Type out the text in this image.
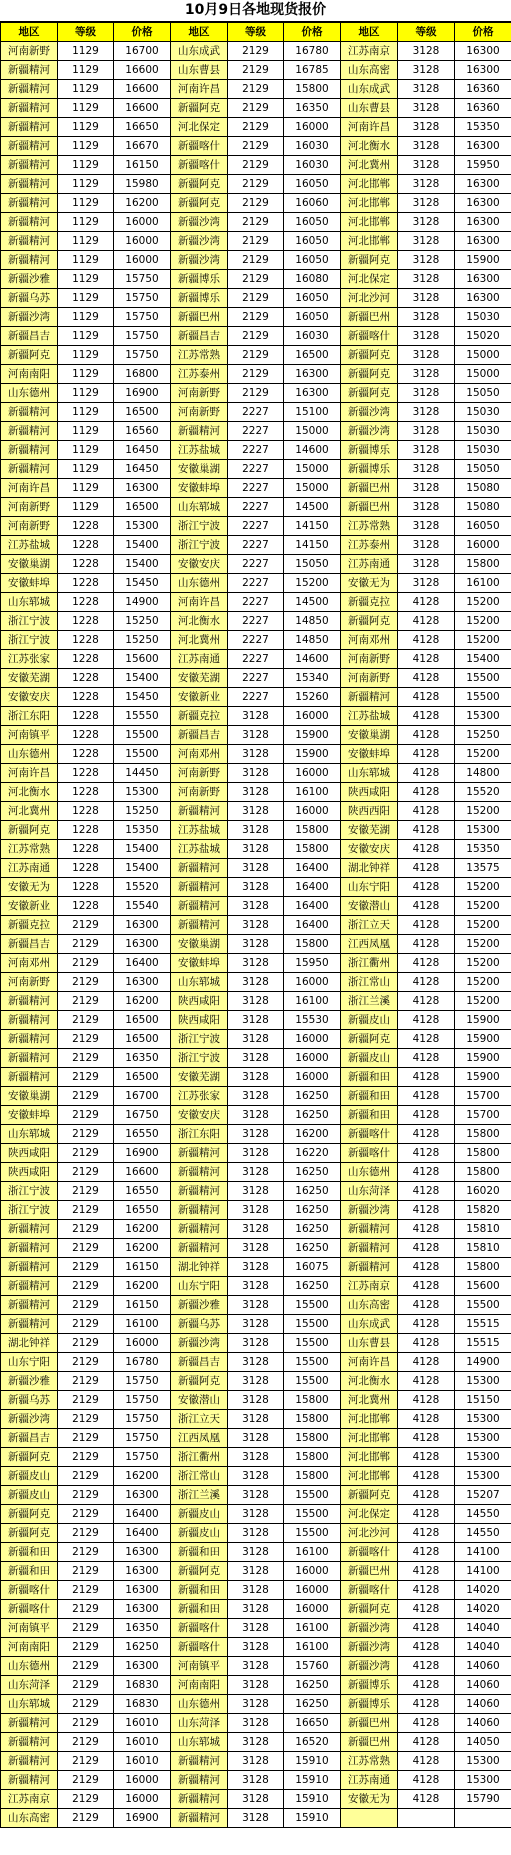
10月9日各地现货报价
地区	等级	价格	地区	等级	价格	地区	等级	价格
河南新野	1129	16700	山东成武	2129	16780	江苏南京	3128	16300
新疆精河	1129	16600	山东曹县	2129	16785	山东高密	3128	16300
新疆精河	1129	16600	河南许昌	2129	15800	山东成武	3128	16360
新疆精河	1129	16600	新疆阿克	2129	16350	山东曹县	3128	16360
新疆精河	1129	16650	河北保定	2129	16000	河南许昌	3128	15350
新疆精河	1129	16670	新疆喀什	2129	16030	河北衡水	3128	16300
新疆精河	1129	16150	新疆喀什	2129	16030	河北冀州	3128	15950
新疆精河	1129	15980	新疆阿克	2129	16050	河北邯郸	3128	16300
新疆精河	1129	16200	新疆阿克	2129	16060	河北邯郸	3128	16300
新疆精河	1129	16000	新疆沙湾	2129	16050	河北邯郸	3128	16300
新疆精河	1129	16000	新疆沙湾	2129	16050	河北邯郸	3128	16300
新疆精河	1129	16000	新疆沙湾	2129	16050	新疆阿克	3128	15900
新疆沙雅	1129	15750	新疆博乐	2129	16080	河北保定	3128	16300
新疆乌苏	1129	15750	新疆博乐	2129	16050	河北沙河	3128	16300
新疆沙湾	1129	15750	新疆巴州	2129	16050	新疆巴州	3128	15030
新疆昌吉	1129	15750	新疆昌吉	2129	16030	新疆喀什	3128	15020
新疆阿克	1129	15750	江苏常熟	2129	16500	新疆阿克	3128	15000
河南南阳	1129	16800	江苏泰州	2129	16300	新疆阿克	3128	15000
山东德州	1129	16900	河南新野	2129	16300	新疆阿克	3128	15050
新疆精河	1129	16500	河南新野	2227	15100	新疆沙湾	3128	15030
新疆精河	1129	16560	新疆精河	2227	15000	新疆沙湾	3128	15030
新疆精河	1129	16450	江苏盐城	2227	14600	新疆博乐	3128	15030
新疆精河	1129	16450	安徽巢湖	2227	15000	新疆博乐	3128	15050
河南许昌	1129	16300	安徽蚌埠	2227	15000	新疆巴州	3128	15080
河南新野	1129	16500	山东郓城	2227	14500	新疆巴州	3128	15080
河南新野	1228	15300	浙江宁波	2227	14150	江苏常熟	3128	16050
江苏盐城	1228	15400	浙江宁波	2227	14150	江苏泰州	3128	16000
安徽巢湖	1228	15400	安徽安庆	2227	15050	江苏南通	3128	15800
安徽蚌埠	1228	15450	山东德州	2227	15200	安徽无为	3128	16100
山东郓城	1228	14900	河南许昌	2227	14500	新疆克拉	4128	15200
浙江宁波	1228	15250	河北衡水	2227	14850	新疆阿克	4128	15200
浙江宁波	1228	15250	河北冀州	2227	14850	河南邓州	4128	15200
江苏张家	1228	15600	江苏南通	2227	14600	河南新野	4128	15400
安徽芜湖	1228	15400	安徽芜湖	2227	15340	河南新野	4128	15500
安徽安庆	1228	15450	安徽新业	2227	15260	新疆精河	4128	15500
浙江东阳	1228	15550	新疆克拉	3128	16000	江苏盐城	4128	15300
河南镇平	1228	15500	新疆昌吉	3128	15900	安徽巢湖	4128	15250
山东德州	1228	15500	河南邓州	3128	15900	安徽蚌埠	4128	15200
河南许昌	1228	14450	河南新野	3128	16000	山东郓城	4128	14800
河北衡水	1228	15300	河南新野	3128	16100	陕西咸阳	4128	15520
河北冀州	1228	15250	新疆精河	3128	16000	陕西西阳	4128	15200
新疆阿克	1228	15350	江苏盐城	3128	15800	安徽芜湖	4128	15300
江苏常熟	1228	15400	江苏盐城	3128	15800	安徽安庆	4128	15350
江苏南通	1228	15400	新疆精河	3128	16400	湖北钟祥	4128	13575
安徽无为	1228	15520	新疆精河	3128	16400	山东宁阳	4128	15200
安徽新业	1228	15540	新疆精河	3128	16400	安徽潜山	4128	15200
新疆克拉	2129	16300	新疆精河	3128	16400	浙江立天	4128	15200
新疆昌吉	2129	16300	安徽巢湖	3128	15800	江西凤凰	4128	15200
河南邓州	2129	16400	安徽蚌埠	3128	15950	浙江衢州	4128	15200
河南新野	2129	16300	山东郓城	3128	16000	浙江常山	4128	15200
新疆精河	2129	16200	陕西咸阳	3128	16100	浙江兰溪	4128	15200
新疆精河	2129	16500	陕西咸阳	3128	15530	新疆皮山	4128	15900
新疆精河	2129	16500	浙江宁波	3128	16000	新疆阿克	4128	15900
新疆精河	2129	16350	浙江宁波	3128	16000	新疆皮山	4128	15900
新疆精河	2129	16500	安徽芜湖	3128	16000	新疆和田	4128	15900
安徽巢湖	2129	16700	江苏张家	3128	16250	新疆和田	4128	15700
安徽蚌埠	2129	16750	安徽安庆	3128	16250	新疆和田	4128	15700
山东郓城	2129	16550	浙江东阳	3128	16200	新疆喀什	4128	15800
陕西咸阳	2129	16900	新疆精河	3128	16220	新疆喀什	4128	15800
陕西咸阳	2129	16600	新疆精河	3128	16250	山东德州	4128	15800
浙江宁波	2129	16550	新疆精河	3128	16250	山东菏泽	4128	16020
浙江宁波	2129	16550	新疆精河	3128	16250	新疆沙湾	4128	15820
新疆精河	2129	16200	新疆精河	3128	16250	新疆精河	4128	15810
新疆精河	2129	16200	新疆精河	3128	16250	新疆精河	4128	15810
新疆精河	2129	16150	湖北钟祥	3128	16075	新疆精河	4128	15800
新疆精河	2129	16200	山东宁阳	3128	16250	江苏南京	4128	15600
新疆精河	2129	16150	新疆沙雅	3128	15500	山东高密	4128	15500
新疆精河	2129	16100	新疆乌苏	3128	15500	山东成武	4128	15515
湖北钟祥	2129	16000	新疆沙湾	3128	15500	山东曹县	4128	15515
山东宁阳	2129	16780	新疆昌吉	3128	15500	河南许昌	4128	14900
新疆沙雅	2129	15750	新疆阿克	3128	15500	河北衡水	4128	15300
新疆乌苏	2129	15750	安徽潜山	3128	15800	河北冀州	4128	15150
新疆沙湾	2129	15750	浙江立天	3128	15800	河北邯郸	4128	15300
新疆昌吉	2129	15750	江西凤凰	3128	15800	河北邯郸	4128	15300
新疆阿克	2129	15750	浙江衢州	3128	15800	河北邯郸	4128	15300
新疆皮山	2129	16200	浙江常山	3128	15800	河北邯郸	4128	15300
新疆皮山	2129	16300	浙江兰溪	3128	15500	新疆阿克	4128	15207
新疆阿克	2129	16400	新疆皮山	3128	15500	河北保定	4128	14550
新疆阿克	2129	16400	新疆皮山	3128	15500	河北沙河	4128	14550
新疆和田	2129	16300	新疆和田	3128	16100	新疆喀什	4128	14100
新疆和田	2129	16300	新疆阿克	3128	16000	新疆巴州	4128	14100
新疆喀什	2129	16300	新疆和田	3128	16000	新疆喀什	4128	14020
新疆喀什	2129	16300	新疆和田	3128	16000	新疆阿克	4128	14020
河南镇平	2129	16350	新疆喀什	3128	16100	新疆沙湾	4128	14040
河南南阳	2129	16250	新疆喀什	3128	16100	新疆沙湾	4128	14040
山东德州	2129	16300	河南镇平	3128	15760	新疆沙湾	4128	14060
山东菏泽	2129	16830	河南南阳	3128	16250	新疆博乐	4128	14060
山东郓城	2129	16830	山东德州	3128	16250	新疆博乐	4128	14060
新疆精河	2129	16010	山东菏泽	3128	16650	新疆巴州	4128	14060
新疆精河	2129	16010	山东郓城	3128	16520	新疆巴州	4128	14050
新疆精河	2129	16010	新疆精河	3128	15910	江苏常熟	4128	15300
新疆精河	2129	16000	新疆精河	3128	15910	江苏南通	4128	15300
江苏南京	2129	16000	新疆精河	3128	15910	安徽无为	4128	15790
山东高密	2129	16900	新疆精河	3128	15910			
